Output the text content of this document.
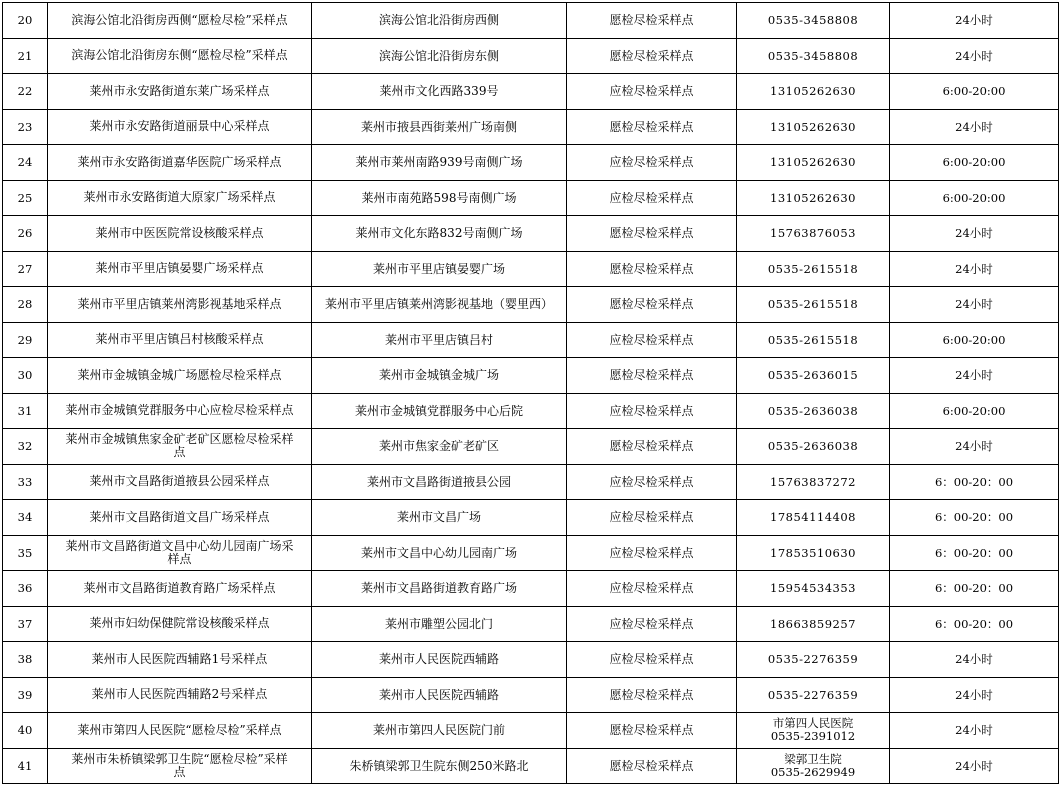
20	滨海公馆北沿街房西侧“愿检尽检”采样点	滨海公馆北沿街房西侧	愿检尽检采样点	0535-3458808	24小时
21	滨海公馆北沿街房东侧“愿检尽检”采样点	滨海公馆北沿街房东侧	愿检尽检采样点	0535-3458808	24小时
22	莱州市永安路街道东莱广场采样点	莱州市文化西路339号	应检尽检采样点	13105262630	6:00-20:00
23	莱州市永安路街道丽景中心采样点	莱州市掖县西街莱州广场南侧	愿检尽检采样点	13105262630	24小时
24	莱州市永安路街道嘉华医院广场采样点	莱州市莱州南路939号南侧广场	应检尽检采样点	13105262630	6:00-20:00
25	莱州市永安路街道大原家广场采样点	莱州市南苑路598号南侧广场	应检尽检采样点	13105262630	6:00-20:00
26	莱州市中医医院常设核酸采样点	莱州市文化东路832号南侧广场	愿检尽检采样点	15763876053	24小时
27	莱州市平里店镇晏婴广场采样点	莱州市平里店镇晏婴广场	愿检尽检采样点	0535-2615518	24小时
28	莱州市平里店镇莱州湾影视基地采样点	莱州市平里店镇莱州湾影视基地（婴里西）	愿检尽检采样点	0535-2615518	24小时
29	莱州市平里店镇吕村核酸采样点	莱州市平里店镇吕村	应检尽检采样点	0535-2615518	6:00-20:00
30	莱州市金城镇金城广场愿检尽检采样点	莱州市金城镇金城广场	愿检尽检采样点	0535-2636015	24小时
31	莱州市金城镇党群服务中心应检尽检采样点	莱州市金城镇党群服务中心后院	应检尽检采样点	0535-2636038	6:00-20:00
32	莱州市金城镇焦家金矿老矿区愿检尽检采样
点	莱州市焦家金矿老矿区	愿检尽检采样点	0535-2636038	24小时
33	莱州市文昌路街道掖县公园采样点	莱州市文昌路街道掖县公园	应检尽检采样点	15763837272	6：00-20：00
34	莱州市文昌路街道文昌广场采样点	莱州市文昌广场	应检尽检采样点	17854114408	6：00-20：00
35	莱州市文昌路街道文昌中心幼儿园南广场采
样点	莱州市文昌中心幼儿园南广场	应检尽检采样点	17853510630	6：00-20：00
36	莱州市文昌路街道教育路广场采样点	莱州市文昌路街道教育路广场	应检尽检采样点	15954534353	6：00-20：00
37	莱州市妇幼保健院常设核酸采样点	莱州市雕塑公园北门	应检尽检采样点	18663859257	6：00-20：00
38	莱州市人民医院西辅路1号采样点	莱州市人民医院西辅路	应检尽检采样点	0535-2276359	24小时
39	莱州市人民医院西辅路2号采样点	莱州市人民医院西辅路	愿检尽检采样点	0535-2276359	24小时
40	莱州市第四人民医院“愿检尽检”采样点	莱州市第四人民医院门前	愿检尽检采样点	市第四人民医院
0535-2391012	24小时
41	莱州市朱桥镇梁郭卫生院“愿检尽检”采样
点	朱桥镇梁郭卫生院东侧250米路北	愿检尽检采样点	梁郭卫生院
0535-2629949	24小时
